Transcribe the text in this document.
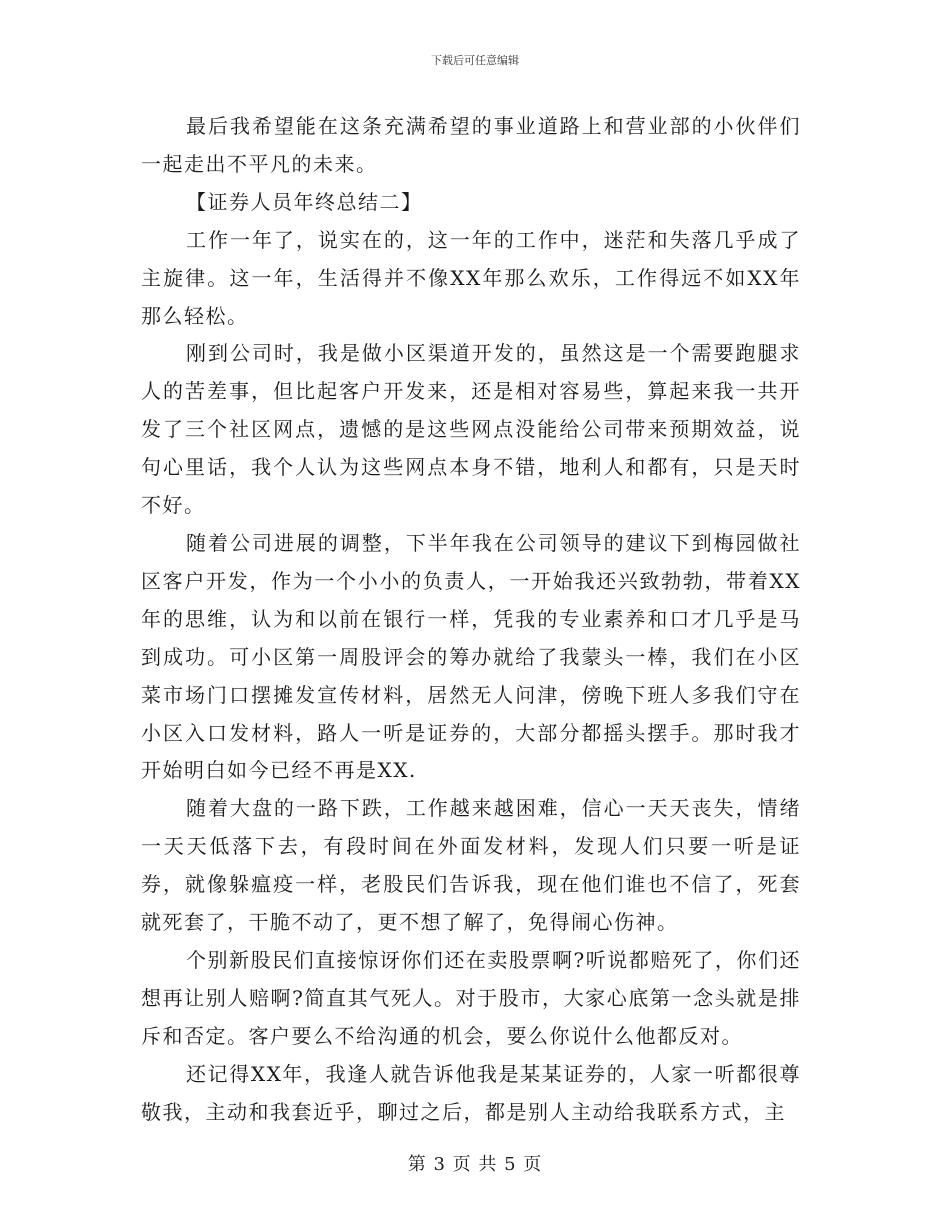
下载后可任意编辑

最后我希望能在这条充满希望的事业道路上和营业部的小伙伴们一起走出不平凡的未来。

【证券人员年终总结二】

工作一年了，说实在的，这一年的工作中，迷茫和失落几乎成了主旋律。这一年，生活得并不像XX年那么欢乐，工作得远不如XX年那么轻松。

刚到公司时，我是做小区渠道开发的，虽然这是一个需要跑腿求人的苦差事，但比起客户开发来，还是相对容易些，算起来我一共开发了三个社区网点，遗憾的是这些网点没能给公司带来预期效益，说句心里话，我个人认为这些网点本身不错，地利人和都有，只是天时不好。

随着公司进展的调整，下半年我在公司领导的建议下到梅园做社区客户开发，作为一个小小的负责人，一开始我还兴致勃勃，带着XX年的思维，认为和以前在银行一样，凭我的专业素养和口才几乎是马到成功。可小区第一周股评会的筹办就给了我蒙头一棒，我们在小区菜市场门口摆摊发宣传材料，居然无人问津，傍晚下班人多我们守在小区入口发材料，路人一听是证券的，大部分都摇头摆手。那时我才开始明白如今已经不再是XX.

随着大盘的一路下跌，工作越来越困难，信心一天天丧失，情绪一天天低落下去，有段时间在外面发材料，发现人们只要一听是证券，就像躲瘟疫一样，老股民们告诉我，现在他们谁也不信了，死套就死套了，干脆不动了，更不想了解了，免得闹心伤神。

个别新股民们直接惊讶你们还在卖股票啊?听说都赔死了，你们还想再让别人赔啊?简直其气死人。对于股市，大家心底第一念头就是排斥和否定。客户要么不给沟通的机会，要么你说什么他都反对。

还记得XX年，我逢人就告诉他我是某某证券的，人家一听都很尊敬我，主动和我套近乎，聊过之后，都是别人主动给我联系方式，主

第 3 页 共 5 页
